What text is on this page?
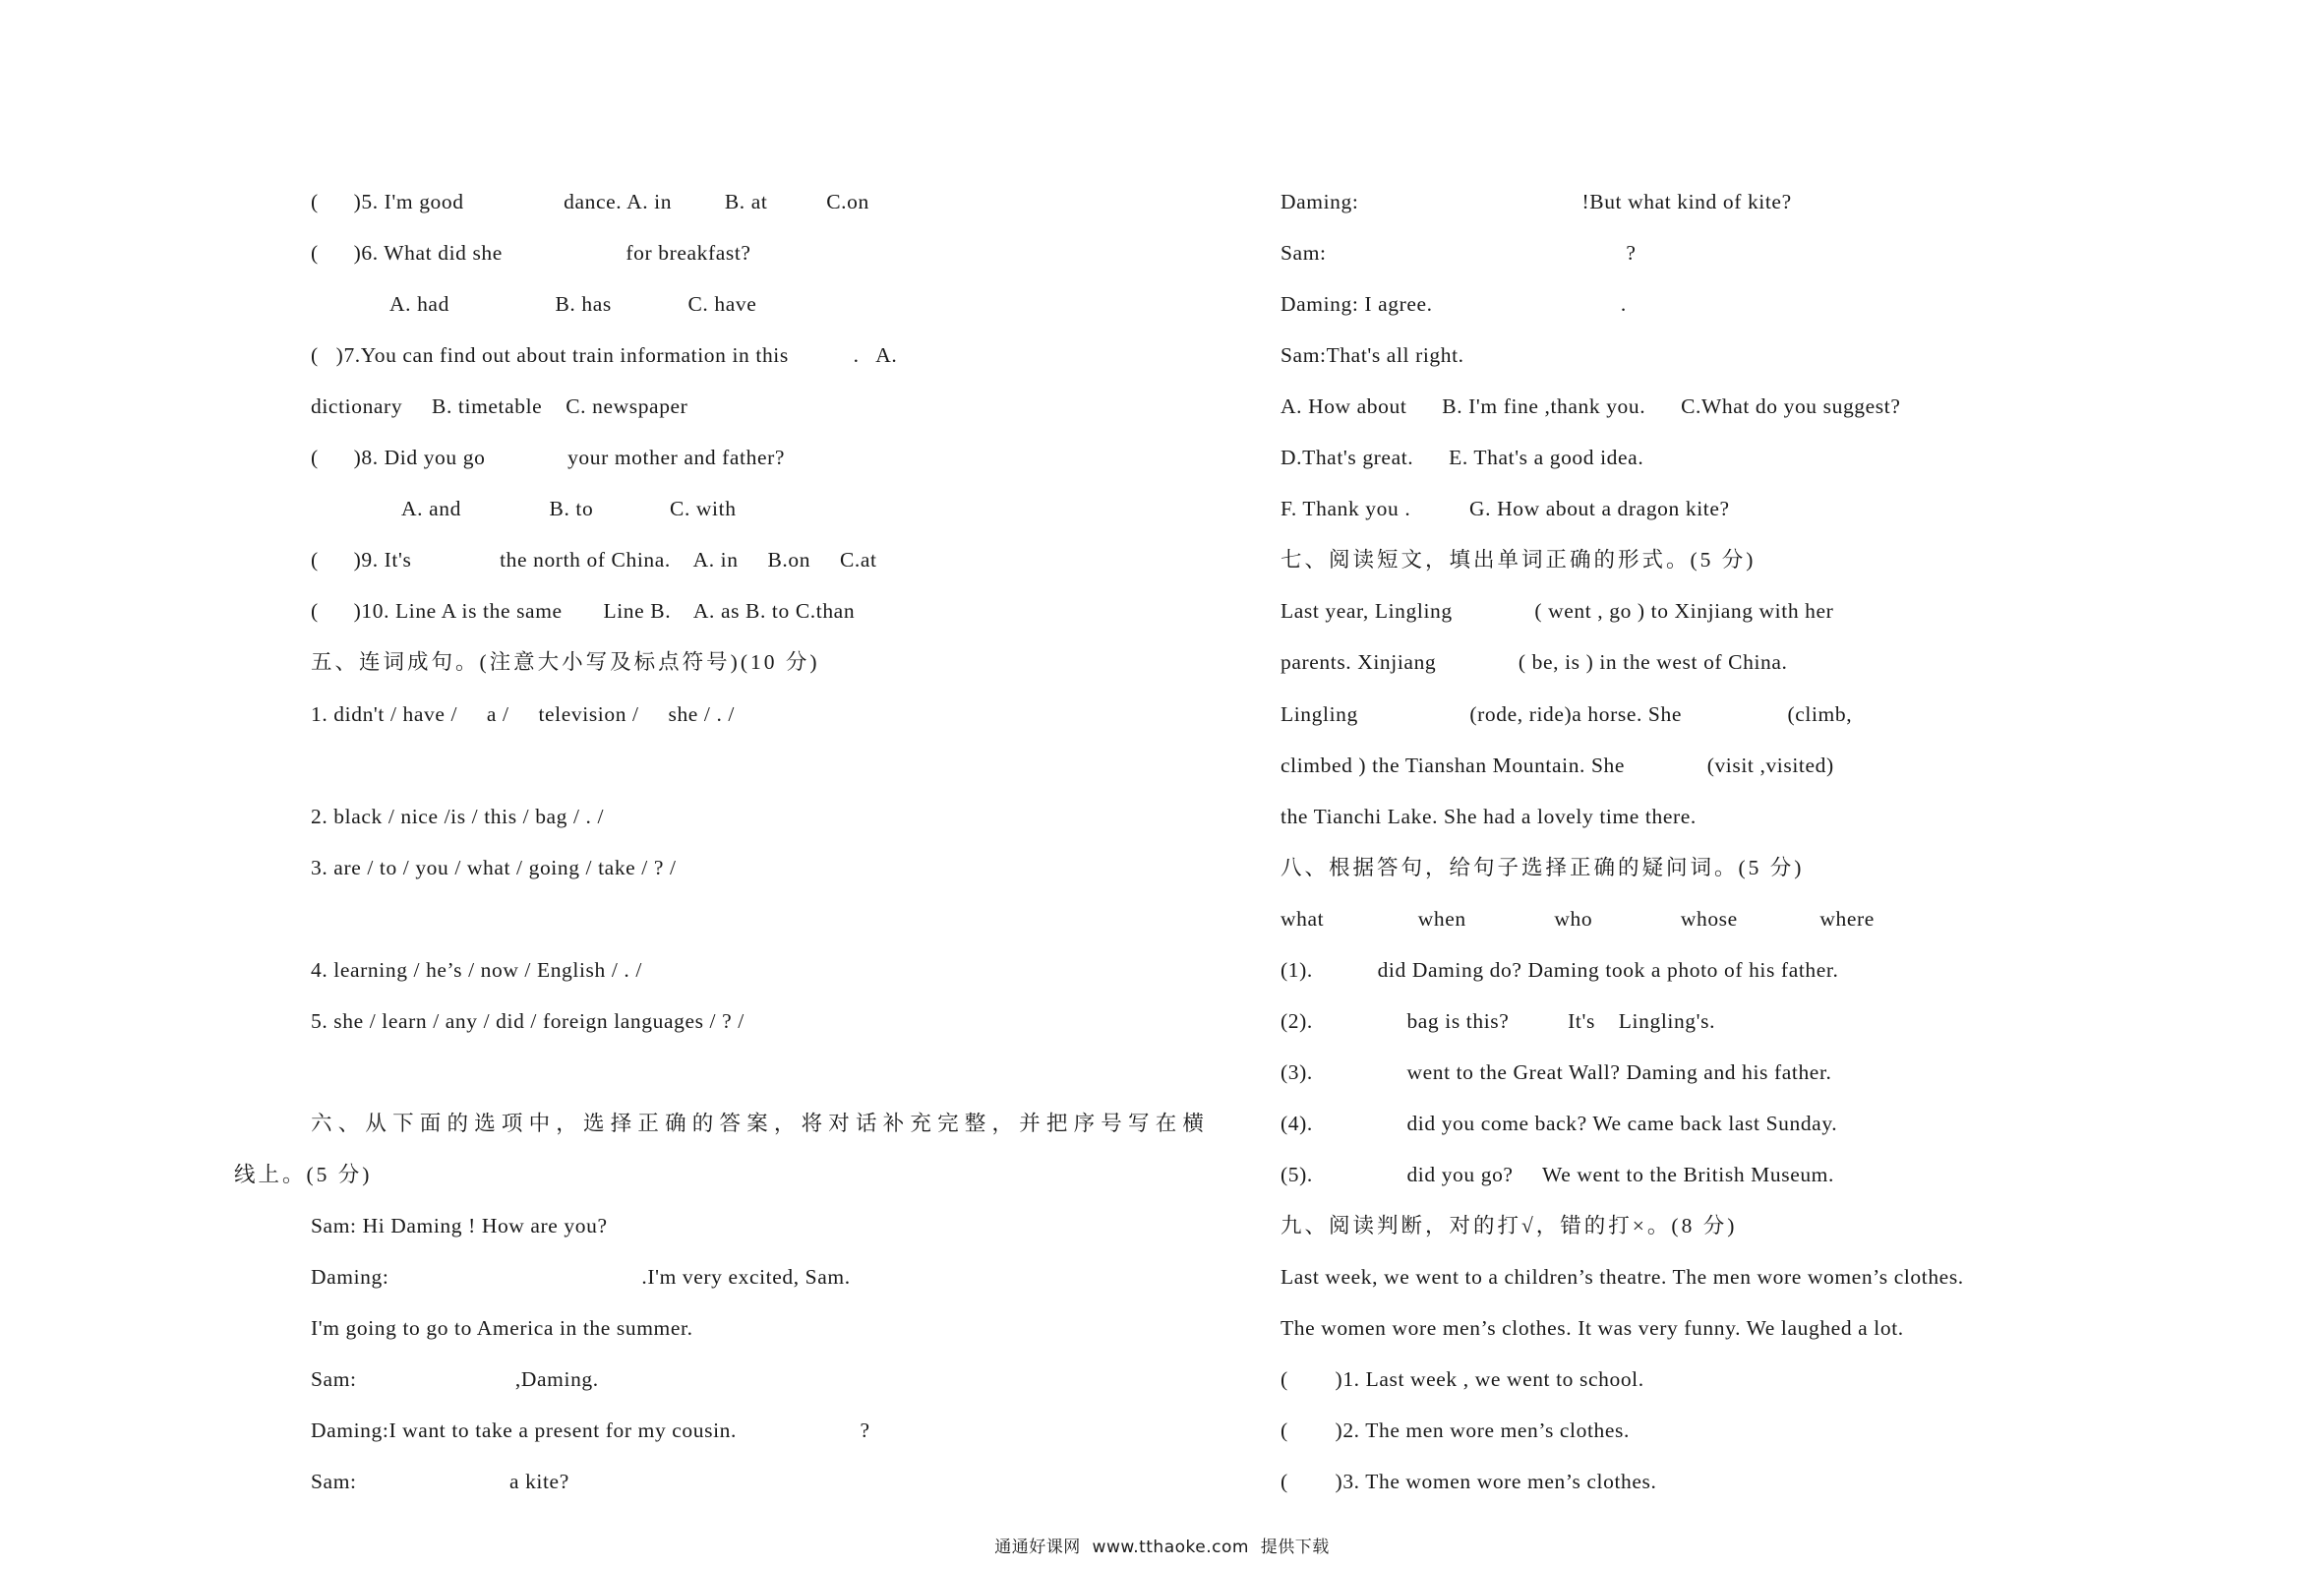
(      )5. I'm good                 dance. A. in         B. at          C.on
(      )6. What did she                     for breakfast?
A. had                  B. has             C. have
(   )7.You can find out about train information in this           .   A.
dictionary     B. timetable    C. newspaper
(      )8. Did you go              your mother and father?
A. and               B. to             C. with
(      )9. It's               the north of China.    A. in     B.on     C.at
(      )10. Line A is the same       Line B.    A. as B. to C.than
五、连词成句。(注意大小写及标点符号)(10 分)
1. didn't / have /     a /     television /     she / . /
2. black / nice /is / this / bag / . /
3. are / to / you / what / going / take / ? /
4. learning / he’s / now / English / . /
5. she / learn / any / did / foreign languages / ? /
六、从下面的选项中，选择正确的答案，将对话补充完整，并把序号写在横
线上。(5 分)
Sam: Hi Daming ! How are you?
Daming:                                           .I'm very excited, Sam.
I'm going to go to America in the summer.
Sam:                           ,Daming.
Daming:I want to take a present for my cousin.                     ?
Sam:                          a kite?
Daming:                                      !But what kind of kite?
Sam:                                                   ?
Daming: I agree.                                .
Sam:That's all right.
A. How about      B. I'm fine ,thank you.      C.What do you suggest?
D.That's great.      E. That's a good idea.
F. Thank you .          G. How about a dragon kite?
七、阅读短文，填出单词正确的形式。(5 分)
Last year, Lingling              ( went , go ) to Xinjiang with her
parents. Xinjiang              ( be, is ) in the west of China.
Lingling                   (rode, ride)a horse. She                  (climb,
climbed ) the Tianshan Mountain. She              (visit ,visited)
the Tianchi Lake. She had a lovely time there.
八、根据答句，给句子选择正确的疑问词。(5 分)
what                when               who               whose              where
(1).           did Daming do? Daming took a photo of his father.
(2).                bag is this?          It's    Lingling's.
(3).                went to the Great Wall? Daming and his father.
(4).                did you come back? We came back last Sunday.
(5).                did you go?     We went to the British Museum.
九、阅读判断，对的打√，错的打×。(8 分)
Last week, we went to a children’s theatre. The men wore women’s clothes.
The women wore men’s clothes. It was very funny. We laughed a lot.
(        )1. Last week , we went to school.
(        )2. The men wore men’s clothes.
(        )3. The women wore men’s clothes.
通通好课网  www.tthaoke.com  提供下载
